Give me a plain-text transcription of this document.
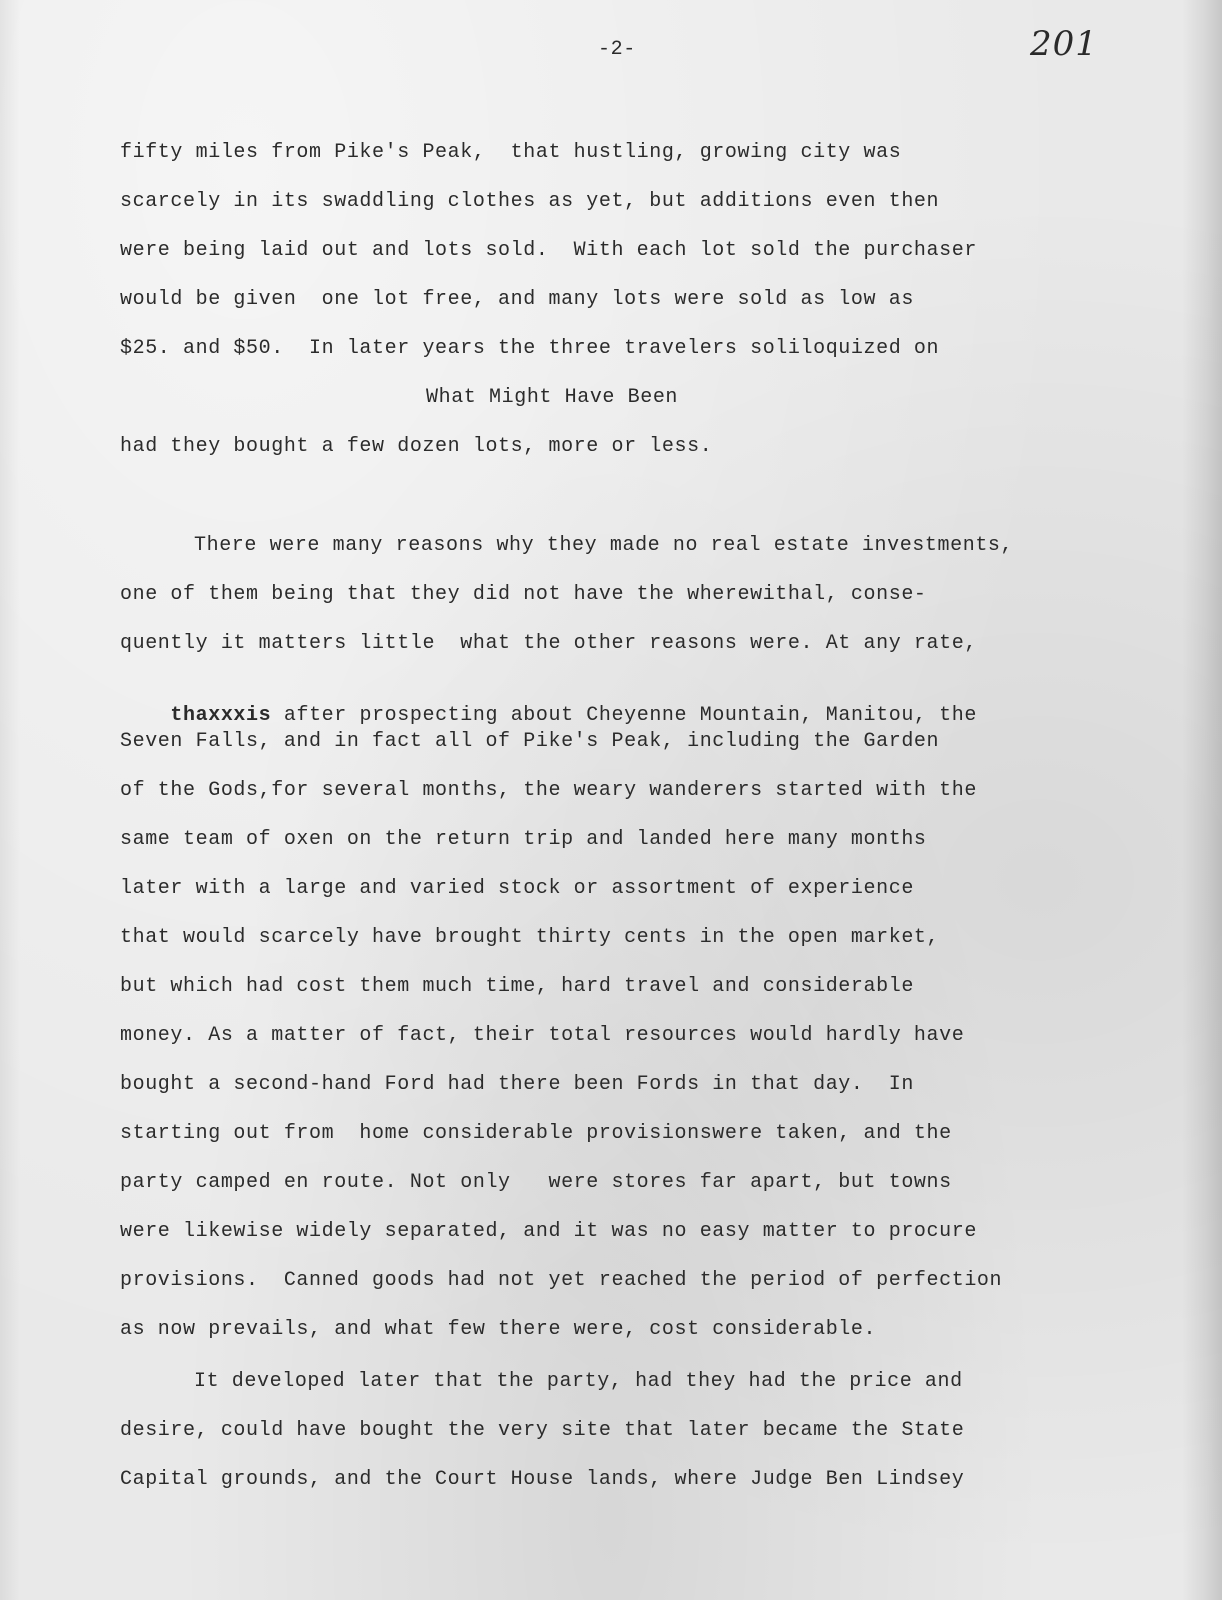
-2-	201
fifty miles from Pike's Peak,  that hustling, growing city was
scarcely in its swaddling clothes as yet, but additions even then
were being laid out and lots sold.  With each lot sold the purchaser
would be given  one lot free, and many lots were sold as low as
$25. and $50.  In later years the three travelers soliloquized on
What Might Have Been
had they bought a few dozen lots, more or less.
There were many reasons why they made no real estate investments,
one of them being that they did not have the wherewithal, conse-
quently it matters little  what the other reasons were. At any rate,

thaxxxis after prospecting about Cheyenne Mountain, Manitou, the

Seven Falls, and in fact all of Pike's Peak, including the Garden
of the Gods,for several months, the weary wanderers started with the
same team of oxen on the return trip and landed here many months
later with a large and varied stock or assortment of experience
that would scarcely have brought thirty cents in the open market,
but which had cost them much time, hard travel and considerable
money. As a matter of fact, their total resources would hardly have
bought a second-hand Ford had there been Fords in that day.  In
starting out from  home considerable provisionswere taken, and the
party camped en route. Not only   were stores far apart, but towns
were likewise widely separated, and it was no easy matter to procure
provisions.  Canned goods had not yet reached the period of perfection
as now prevails, and what few there were, cost considerable.
It developed later that the party, had they had the price and
desire, could have bought the very site that later became the State
Capital grounds, and the Court House lands, where Judge Ben Lindsey
